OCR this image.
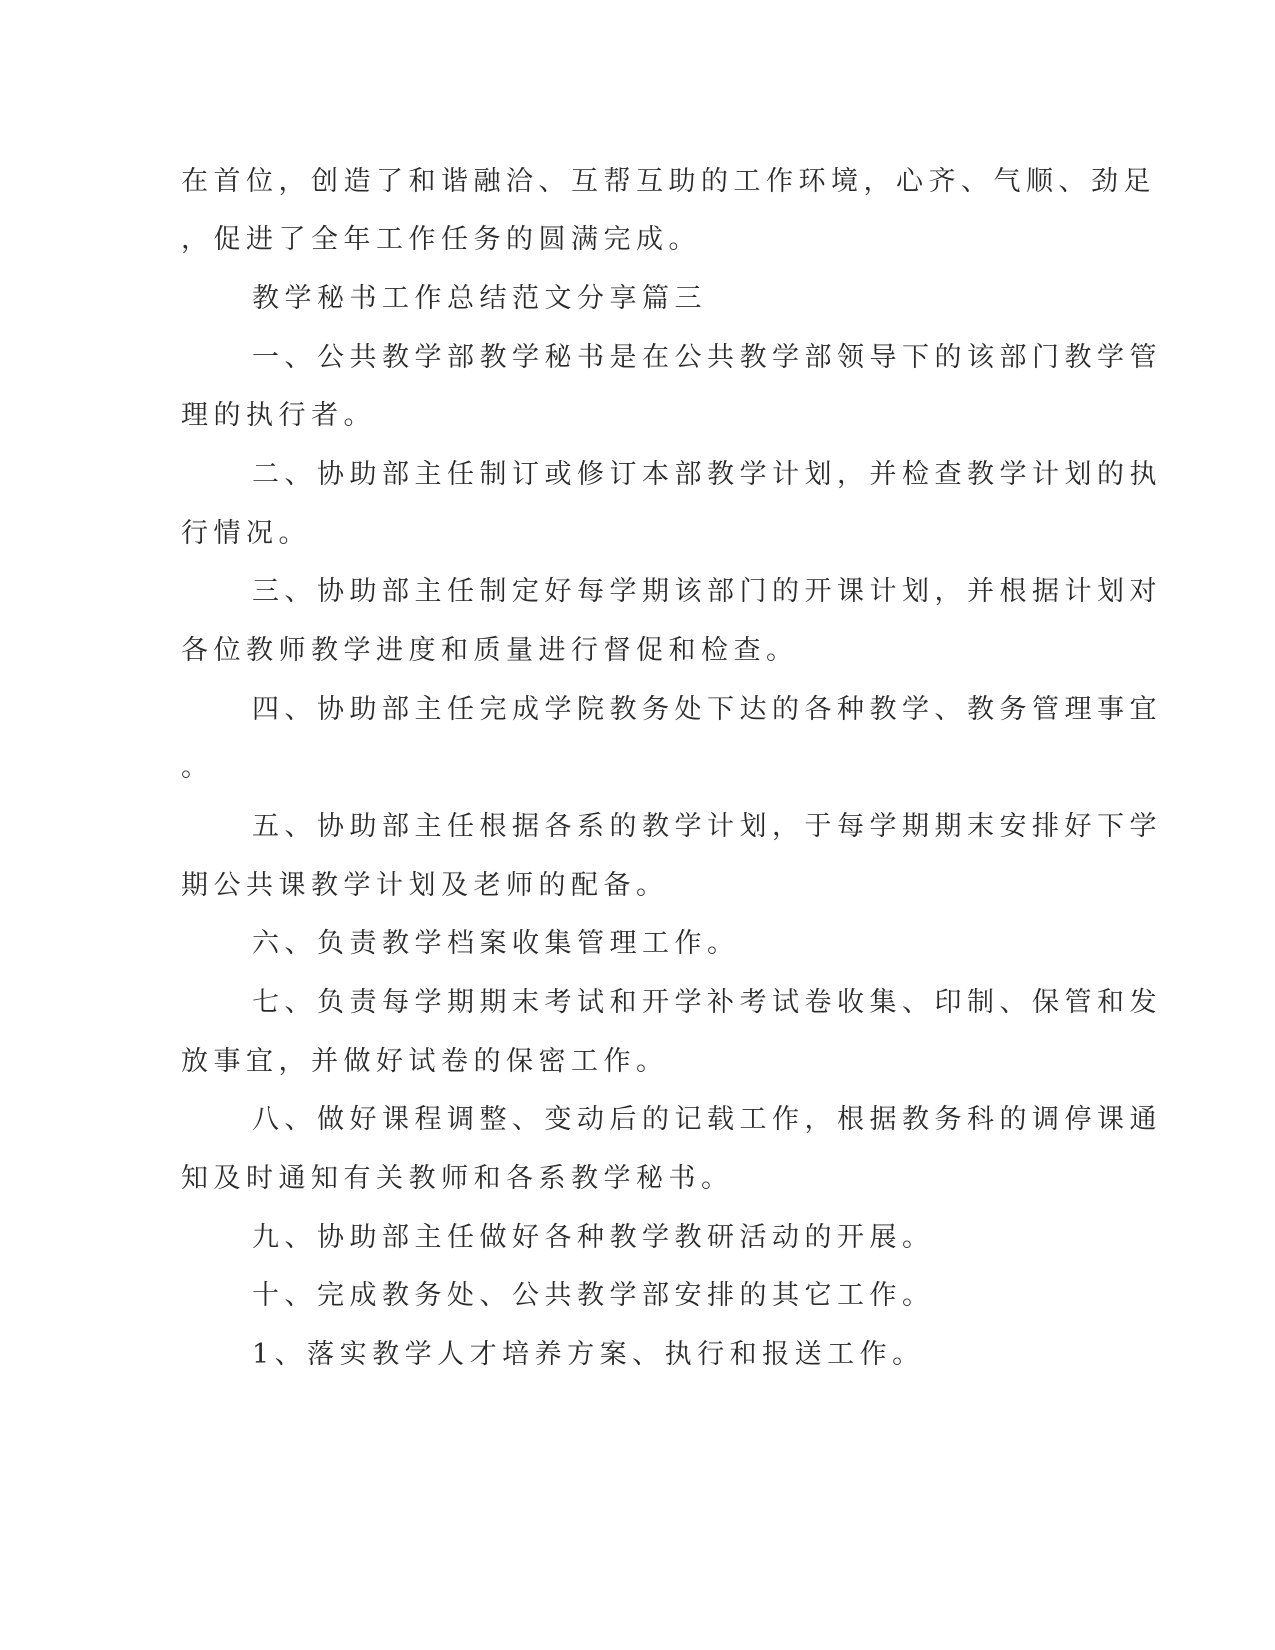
在首位，创造了和谐融洽、互帮互助的工作环境，心齐、气顺、劲足

，促进了全年工作任务的圆满完成。

教学秘书工作总结范文分享篇三

一、公共教学部教学秘书是在公共教学部领导下的该部门教学管

理的执行者。

二、协助部主任制订或修订本部教学计划，并检查教学计划的执

行情况。

三、协助部主任制定好每学期该部门的开课计划，并根据计划对

各位教师教学进度和质量进行督促和检查。

四、协助部主任完成学院教务处下达的各种教学、教务管理事宜

。

五、协助部主任根据各系的教学计划，于每学期期末安排好下学

期公共课教学计划及老师的配备。

六、负责教学档案收集管理工作。

七、负责每学期期末考试和开学补考试卷收集、印制、保管和发

放事宜，并做好试卷的保密工作。

八、做好课程调整、变动后的记载工作，根据教务科的调停课通

知及时通知有关教师和各系教学秘书。

九、协助部主任做好各种教学教研活动的开展。

十、完成教务处、公共教学部安排的其它工作。

1、落实教学人才培养方案、执行和报送工作。
